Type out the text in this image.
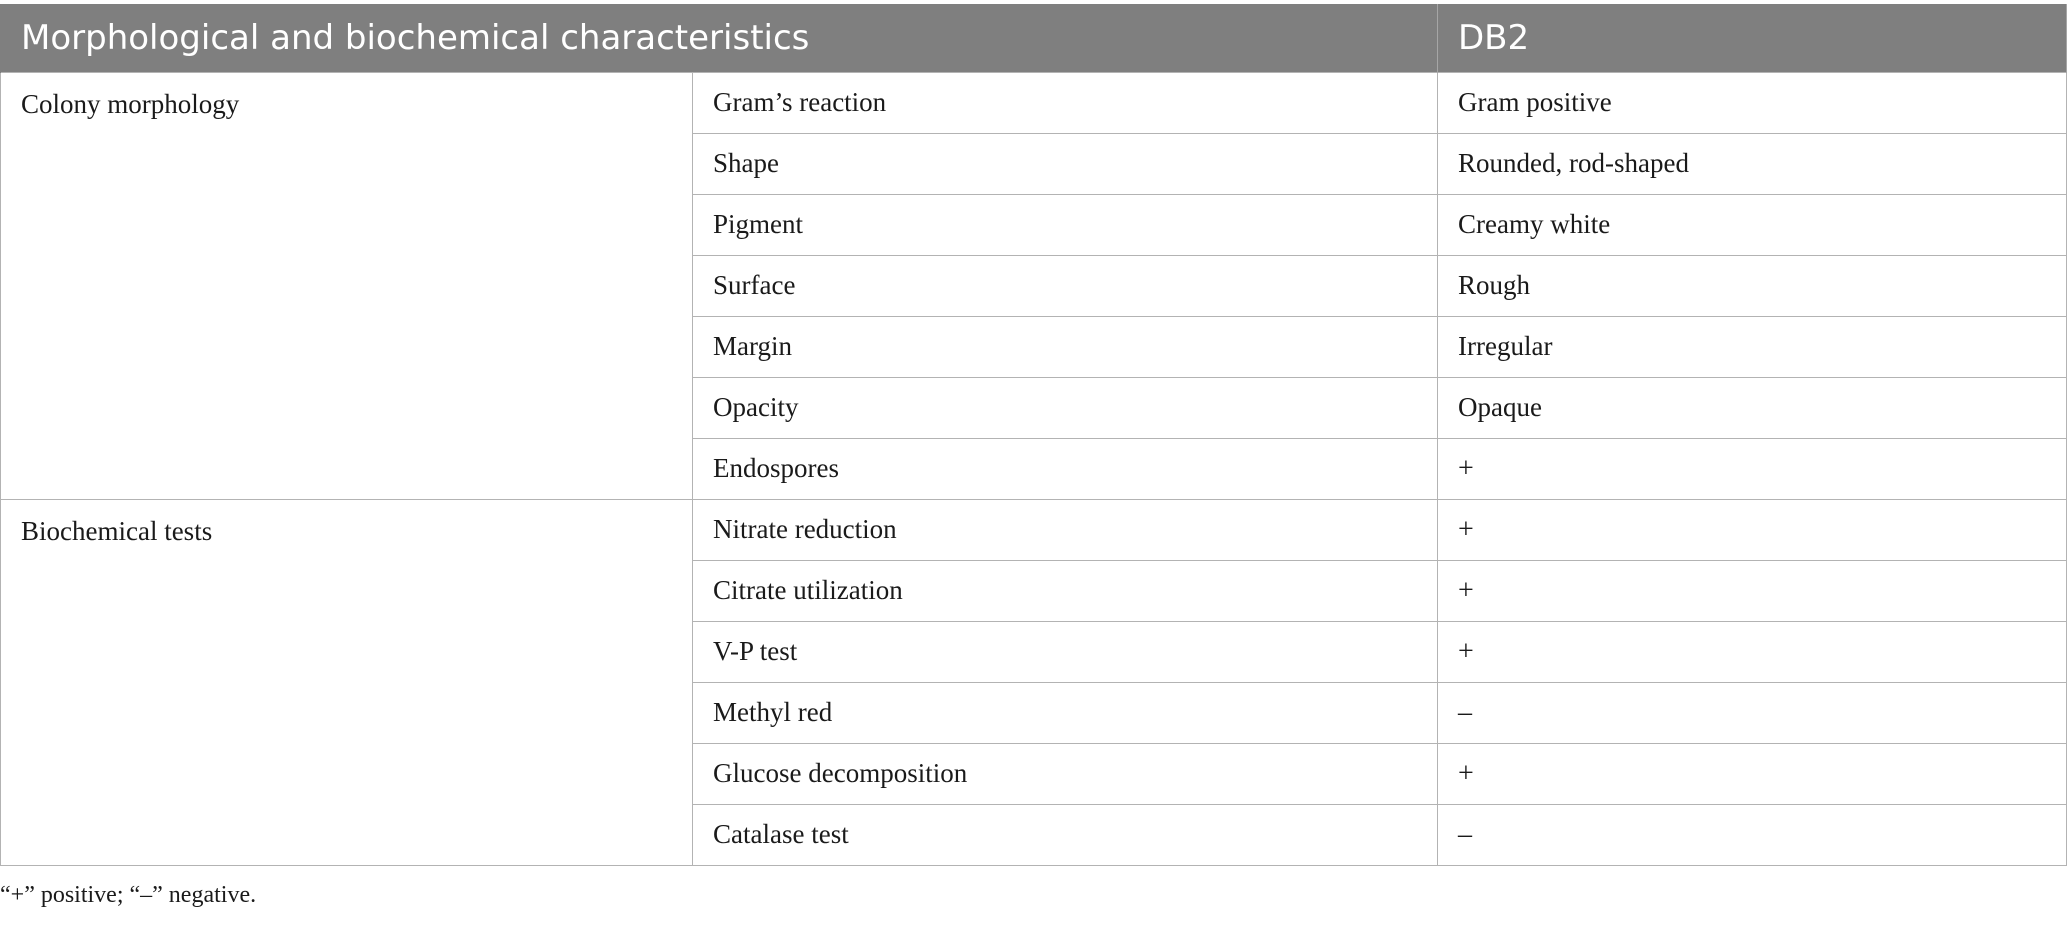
Morphological and biochemical characteristics		DB2
Colony morphology	Gram’s reaction	Gram positive
	Shape	Rounded, rod-shaped
	Pigment	Creamy white
	Surface	Rough
	Margin	Irregular
	Opacity	Opaque
	Endospores	+
Biochemical tests	Nitrate reduction	+
	Citrate utilization	+
	V-P test	+
	Methyl red	–
	Glucose decomposition	+
	Catalase test	–

“+” positive; “–” negative.
